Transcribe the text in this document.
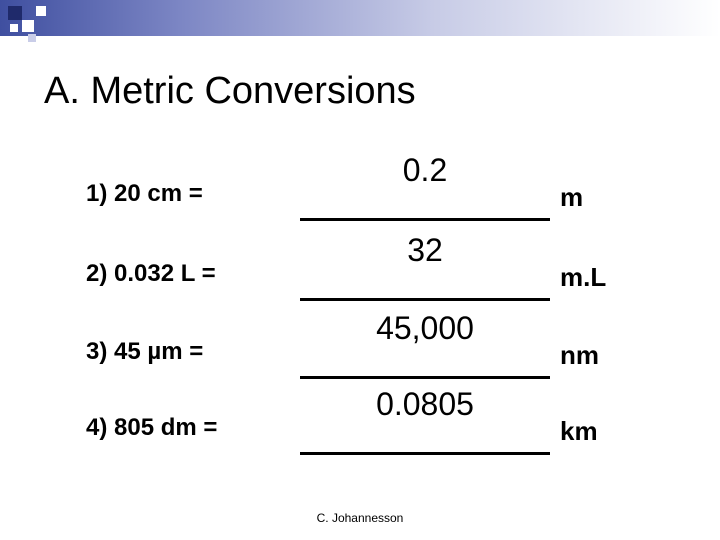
A. Metric Conversions
1) 20 cm =
0.2
m
2) 0.032 L =
32
m.L
3) 45 µm =
45,000
nm
4) 805 dm =
0.0805
km
C. Johannesson
